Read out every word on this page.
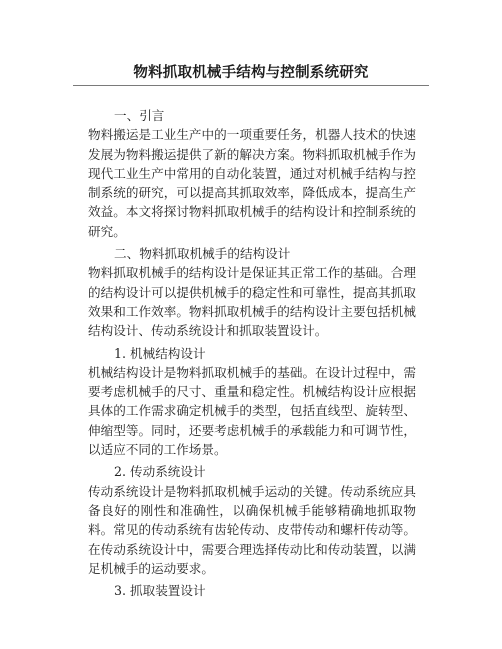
物料抓取机械手结构与控制系统研究

一、引言

物料搬运是工业生产中的一项重要任务，机器人技术的快速发展为物料搬运提供了新的解决方案。物料抓取机械手作为现代工业生产中常用的自动化装置，通过对机械手结构与控制系统的研究，可以提高其抓取效率，降低成本，提高生产效益。本文将探讨物料抓取机械手的结构设计和控制系统的研究。

二、物料抓取机械手的结构设计

物料抓取机械手的结构设计是保证其正常工作的基础。合理的结构设计可以提供机械手的稳定性和可靠性，提高其抓取效果和工作效率。物料抓取机械手的结构设计主要包括机械结构设计、传动系统设计和抓取装置设计。

1. 机械结构设计

机械结构设计是物料抓取机械手的基础。在设计过程中，需要考虑机械手的尺寸、重量和稳定性。机械结构设计应根据具体的工作需求确定机械手的类型，包括直线型、旋转型、伸缩型等。同时，还要考虑机械手的承载能力和可调节性，以适应不同的工作场景。

2. 传动系统设计

传动系统设计是物料抓取机械手运动的关键。传动系统应具备良好的刚性和准确性，以确保机械手能够精确地抓取物料。常见的传动系统有齿轮传动、皮带传动和螺杆传动等。在传动系统设计中，需要合理选择传动比和传动装置，以满足机械手的运动要求。

3. 抓取装置设计
